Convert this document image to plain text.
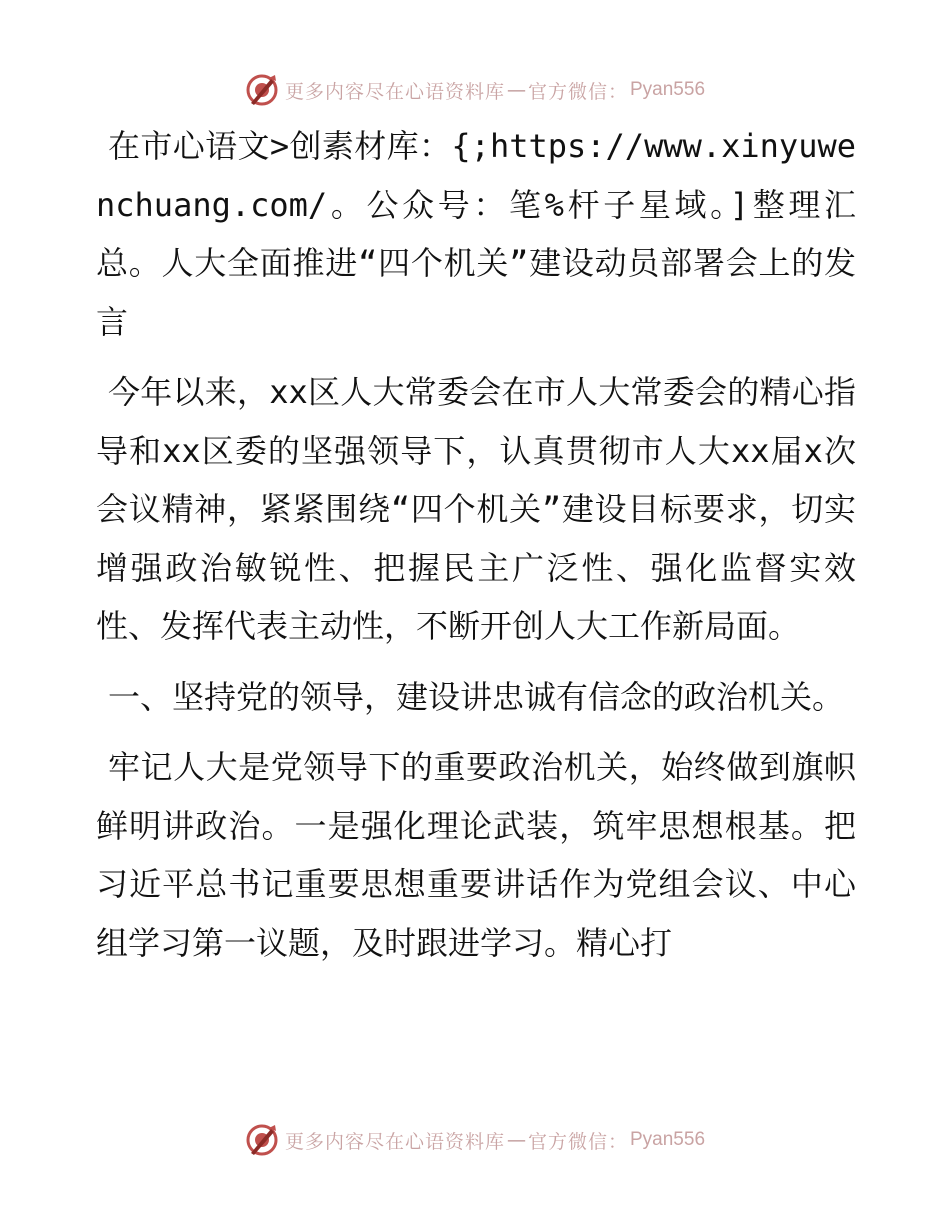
更多内容尽在心语资料库 — 官方微信： Pyan556

在市心语文>创素材库：{;https://www.xinyuwenchuang.com/。公众号：笔%杆子星域。]整理汇总。人大全面推进“四个机关”建设动员部署会上的发言

今年以来，xx区人大常委会在市人大常委会的精心指导和xx区委的坚强领导下，认真贯彻市人大xx届x次会议精神，紧紧围绕“四个机关”建设目标要求，切实增强政治敏锐性、把握民主广泛性、强化监督实效性、发挥代表主动性，不断开创人大工作新局面。

一、坚持党的领导，建设讲忠诚有信念的政治机关。

牢记人大是党领导下的重要政治机关，始终做到旗帜鲜明讲政治。一是强化理论武装，筑牢思想根基。把习近平总书记重要思想重要讲话作为党组会议、中心组学习第一议题，及时跟进学习。精心打

更多内容尽在心语资料库 — 官方微信： Pyan556
